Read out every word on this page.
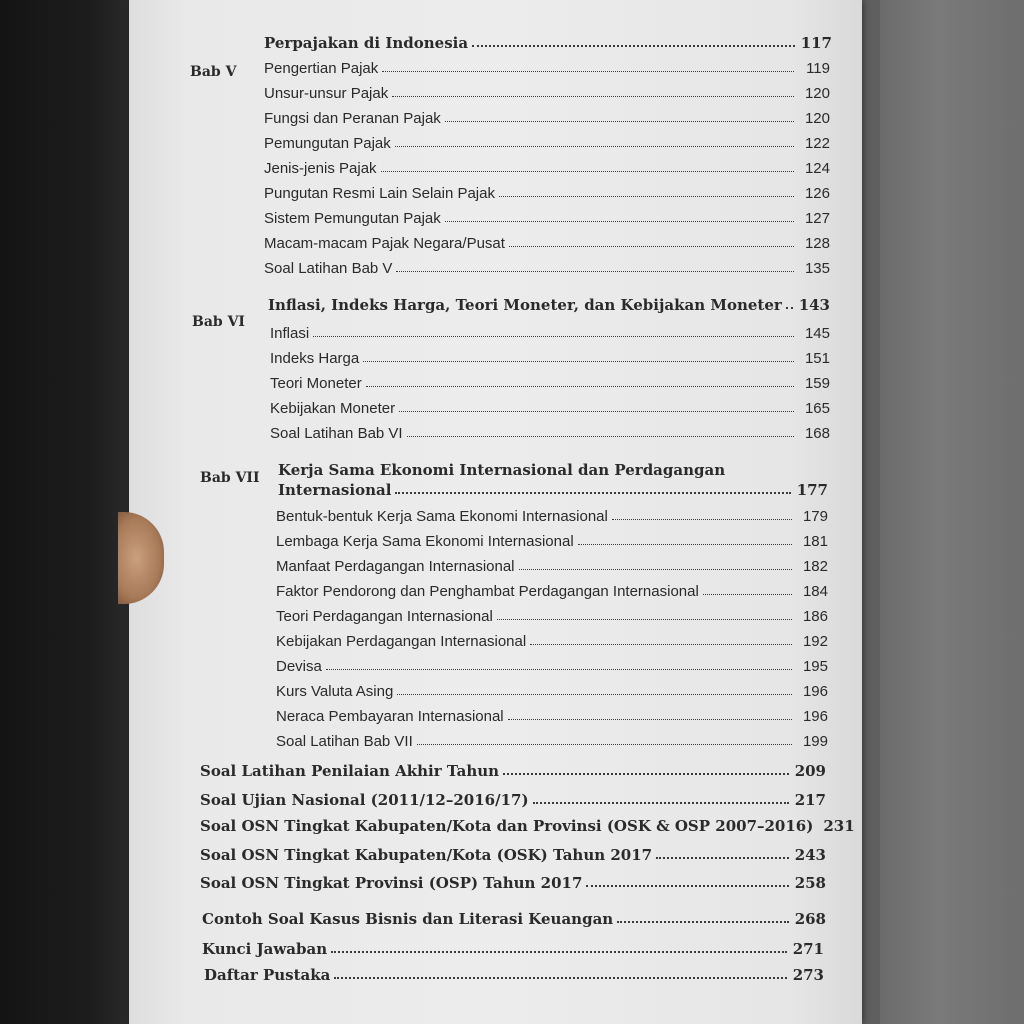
Bab V
Perpajakan di Indonesia	117
Pengertian Pajak	119
Unsur-unsur Pajak	120
Fungsi dan Peranan Pajak	120
Pemungutan Pajak	122
Jenis-jenis Pajak	124
Pungutan Resmi Lain Selain Pajak	126
Sistem Pemungutan Pajak	127
Macam-macam Pajak Negara/Pusat	128
Soal Latihan Bab V	135
Bab VI
Inflasi, Indeks Harga, Teori Moneter, dan Kebijakan Moneter 143
Inflasi	145
Indeks Harga	151
Teori Moneter	159
Kebijakan Moneter	165
Soal Latihan Bab VI	168
Bab VII Kerja Sama Ekonomi Internasional dan Perdagangan
Internasional	177
Bentuk-bentuk Kerja Sama Ekonomi Internasional	179
Lembaga Kerja Sama Ekonomi Internasional	181
Manfaat Perdagangan Internasional	182
Faktor Pendorong dan Penghambat Perdagangan Internasional	184
Teori Perdagangan Internasional	186
Kebijakan Perdagangan Internasional	192
Devisa	195
Kurs Valuta Asing	196
Neraca Pembayaran Internasional	196
Soal Latihan Bab VII	199
Soal Latihan Penilaian Akhir Tahun	209
Soal Ujian Nasional (2011/12–2016/17)	217
Soal OSN Tingkat Kabupaten/Kota dan Provinsi (OSK & OSP 2007–2016) 231
Soal OSN Tingkat Kabupaten/Kota (OSK) Tahun 2017	243
Soal OSN Tingkat Provinsi (OSP) Tahun 2017	258
Contoh Soal Kasus Bisnis dan Literasi Keuangan	268
Kunci Jawaban	271
Daftar Pustaka	273
